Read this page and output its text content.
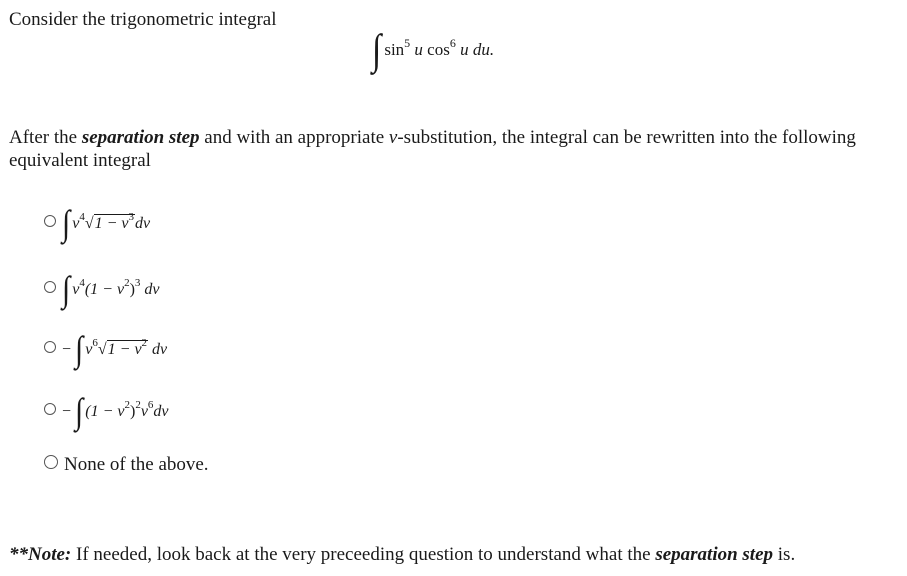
Consider the trigonometric integral
∫ $\sin^5 u$ $\cos^6 u$ du.
After the separation step and with an appropriate v-substitution, the integral can be rewritten into the following equivalent integral
∫ $v^4√1 - v^3dv$
∫ $v^4(1 - v^2)^3$ dv
− ∫ $v^6√1 - v^2$ dv
− ∫ $(1 - v^2)^2v^6dv$
None of the above.
**Note: If needed, look back at the very preceeding question to understand what the separation step is.
